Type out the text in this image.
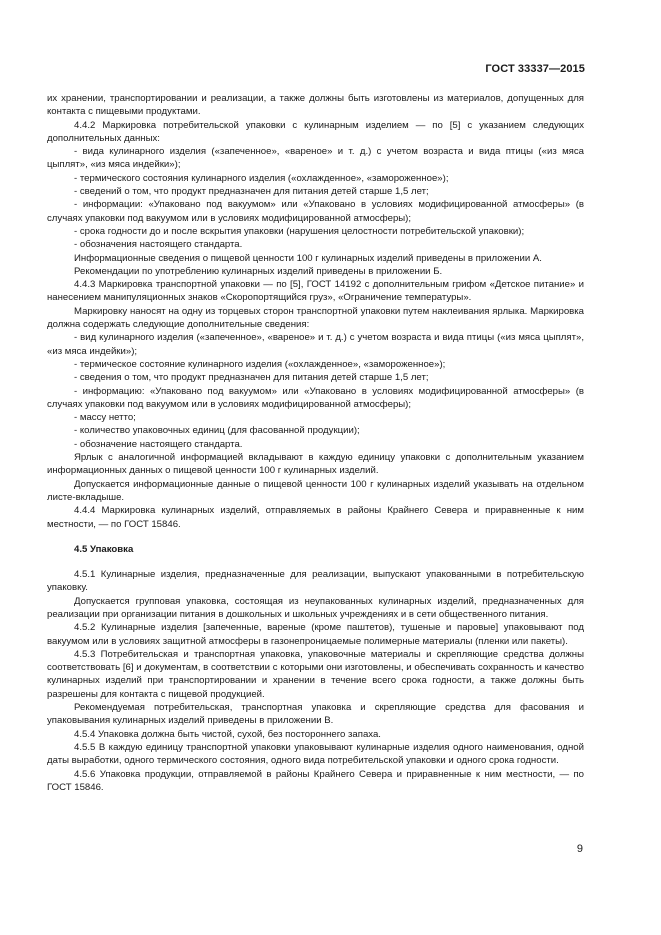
ГОСТ 33337—2015

их хранении, транспортировании и реализации, а также должны быть изготовлены из материалов, допущенных для контакта с пищевыми продуктами.

4.4.2 Маркировка потребительской упаковки с кулинарным изделием — по [5] с указанием следующих дополнительных данных:

- вида кулинарного изделия («запеченное», «вареное» и т. д.) с учетом возраста и вида птицы («из мяса цыплят», «из мяса индейки»);

- термического состояния кулинарного изделия («охлажденное», «замороженное»);

- сведений о том, что продукт предназначен для питания детей старше 1,5 лет;

- информации: «Упаковано под вакуумом» или «Упаковано в условиях модифицированной атмосферы» (в случаях упаковки под вакуумом или в условиях модифицированной атмосферы);

- срока годности до и после вскрытия упаковки (нарушения целостности потребительской упаковки);

- обозначения настоящего стандарта.

Информационные сведения о пищевой ценности 100 г кулинарных изделий приведены в приложении А.

Рекомендации по употреблению кулинарных изделий приведены в приложении Б.

4.4.3 Маркировка транспортной упаковки — по [5], ГОСТ 14192 с дополнительным грифом «Детское питание» и нанесением манипуляционных знаков «Скоропортящийся груз», «Ограничение температуры».

Маркировку наносят на одну из торцевых сторон транспортной упаковки путем наклеивания ярлыка. Маркировка должна содержать следующие дополнительные сведения:

- вид кулинарного изделия («запеченное», «вареное» и т. д.) с учетом возраста и вида птицы («из мяса цыплят», «из мяса индейки»);

- термическое состояние кулинарного изделия («охлажденное», «замороженное»);

- сведения о том, что продукт предназначен для питания детей старше 1,5 лет;

- информацию: «Упаковано под вакуумом» или «Упаковано в условиях модифицированной атмосферы» (в случаях упаковки под вакуумом или в условиях модифицированной атмосферы);

- массу нетто;

- количество упаковочных единиц (для фасованной продукции);

- обозначение настоящего стандарта.

Ярлык с аналогичной информацией вкладывают в каждую единицу упаковки с дополнительным указанием информационных данных о пищевой ценности 100 г кулинарных изделий.

Допускается информационные данные о пищевой ценности 100 г кулинарных изделий указывать на отдельном листе-вкладыше.

4.4.4 Маркировка кулинарных изделий, отправляемых в районы Крайнего Севера и приравненные к ним местности, — по ГОСТ 15846.

4.5 Упаковка

4.5.1 Кулинарные изделия, предназначенные для реализации, выпускают упакованными в потребительскую упаковку.

Допускается групповая упаковка, состоящая из неупакованных кулинарных изделий, предназначенных для реализации при организации питания в дошкольных и школьных учреждениях и в сети общественного питания.

4.5.2 Кулинарные изделия [запеченные, вареные (кроме паштетов), тушеные и паровые] упаковывают под вакуумом или в условиях защитной атмосферы в газонепроницаемые полимерные материалы (пленки или пакеты).

4.5.3 Потребительская и транспортная упаковка, упаковочные материалы и скрепляющие средства должны соответствовать [6] и документам, в соответствии с которыми они изготовлены, и обеспечивать сохранность и качество кулинарных изделий при транспортировании и хранении в течение всего срока годности, а также должны быть разрешены для контакта с пищевой продукцией.

Рекомендуемая потребительская, транспортная упаковка и скрепляющие средства для фасования и упаковывания кулинарных изделий приведены в приложении В.

4.5.4 Упаковка должна быть чистой, сухой, без постороннего запаха.

4.5.5 В каждую единицу транспортной упаковки упаковывают кулинарные изделия одного наименования, одной даты выработки, одного термического состояния, одного вида потребительской упаковки и одного срока годности.

4.5.6 Упаковка продукции, отправляемой в районы Крайнего Севера и приравненные к ним местности, — по ГОСТ 15846.

9
